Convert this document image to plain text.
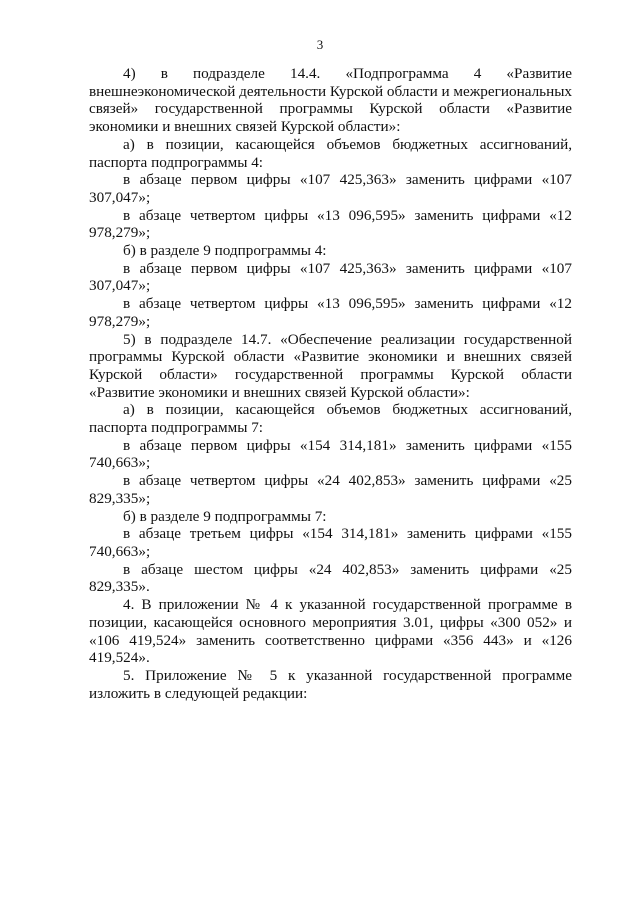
3

4) в подразделе 14.4. «Подпрограмма 4 «Развитие внешнеэкономической деятельности Курской области и межрегиональных связей» государственной программы Курской области «Развитие экономики и внешних связей Курской области»:

а) в позиции, касающейся объемов бюджетных ассигнований, паспорта подпрограммы 4:

в абзаце первом цифры «107 425,363» заменить цифрами «107 307,047»;

в абзаце четвертом цифры «13 096,595» заменить цифрами «12 978,279»;

б) в разделе 9 подпрограммы 4:

в абзаце первом цифры «107 425,363» заменить цифрами «107 307,047»;

в абзаце четвертом цифры «13 096,595» заменить цифрами «12 978,279»;

5) в подразделе 14.7. «Обеспечение реализации государственной программы Курской области «Развитие экономики и внешних связей Курской области» государственной программы Курской области «Развитие экономики и внешних связей Курской области»:

а) в позиции, касающейся объемов бюджетных ассигнований, паспорта подпрограммы 7:

в абзаце первом цифры «154 314,181» заменить цифрами «155 740,663»;

в абзаце четвертом цифры «24 402,853» заменить цифрами «25 829,335»;

б) в разделе 9 подпрограммы 7:

в абзаце третьем цифры «154 314,181» заменить цифрами «155 740,663»;

в абзаце шестом цифры «24 402,853» заменить цифрами «25 829,335».

4. В приложении № 4 к указанной государственной программе в позиции, касающейся основного мероприятия 3.01, цифры «300 052» и «106 419,524» заменить соответственно цифрами «356 443» и «126 419,524».

5. Приложение № 5 к указанной государственной программе изложить в следующей редакции:
